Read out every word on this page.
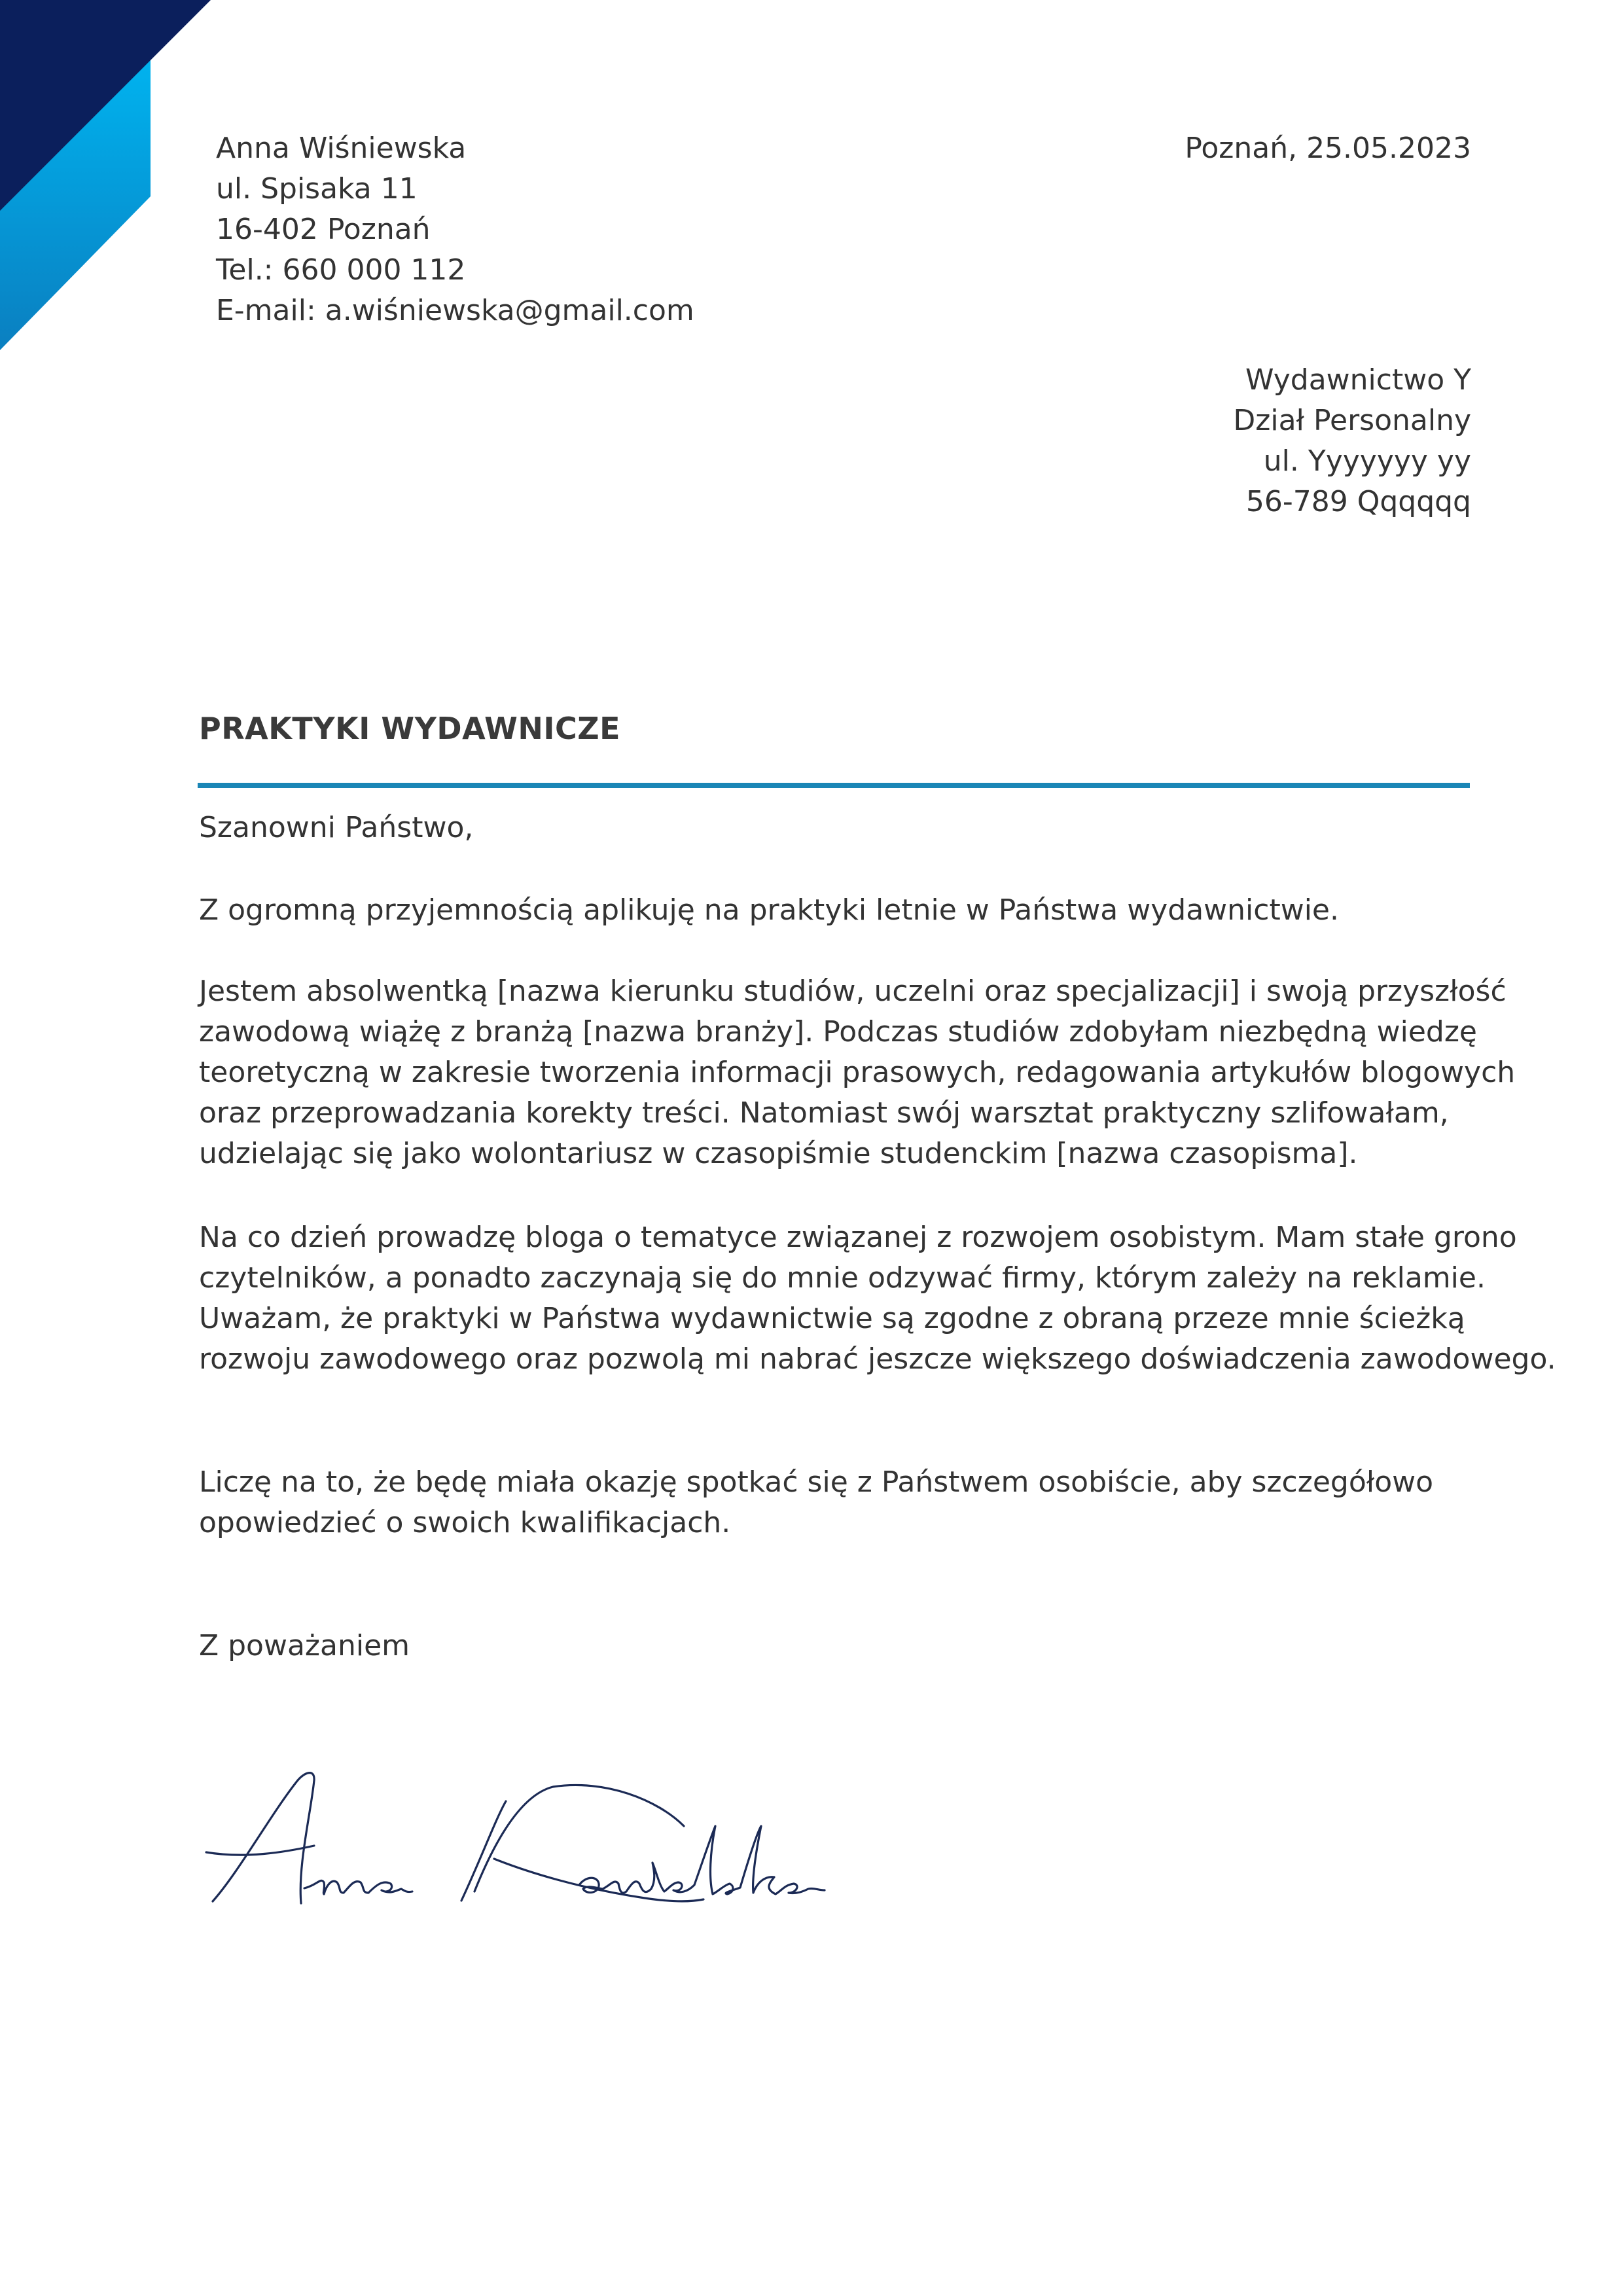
Anna Wiśniewska
ul. Spisaka 11
16-402 Poznań
Tel.: 660 000 112
E-mail: a.wiśniewska@gmail.com
Poznań, 25.05.2023
Wydawnictwo Y
Dział Personalny
ul. Yyyyyyy yy
56-789 Qqqqqq
PRAKTYKI WYDAWNICZE

Szanowni Państwo,

Z ogromną przyjemnością aplikuję na praktyki letnie w Państwa wydawnictwie.

Jestem absolwentką [nazwa kierunku studiów, uczelni oraz specjalizacji] i swoją przyszłość
zawodową wiążę z branżą [nazwa branży]. Podczas studiów zdobyłam niezbędną wiedzę
teoretyczną w zakresie tworzenia informacji prasowych, redagowania artykułów blogowych
oraz przeprowadzania korekty treści. Natomiast swój warsztat praktyczny szlifowałam,
udzielając się jako wolontariusz w czasopiśmie studenckim [nazwa czasopisma].

Na co dzień prowadzę bloga o tematyce związanej z rozwojem osobistym. Mam stałe grono
czytelników, a ponadto zaczynają się do mnie odzywać firmy, którym zależy na reklamie.
Uważam, że praktyki w Państwa wydawnictwie są zgodne z obraną przeze mnie ścieżką
rozwoju zawodowego oraz pozwolą mi nabrać jeszcze większego doświadczenia zawodowego.

Liczę na to, że będę miała okazję spotkać się z Państwem osobiście, aby szczegółowo
opowiedzieć o swoich kwalifikacjach.

Z poważaniem
